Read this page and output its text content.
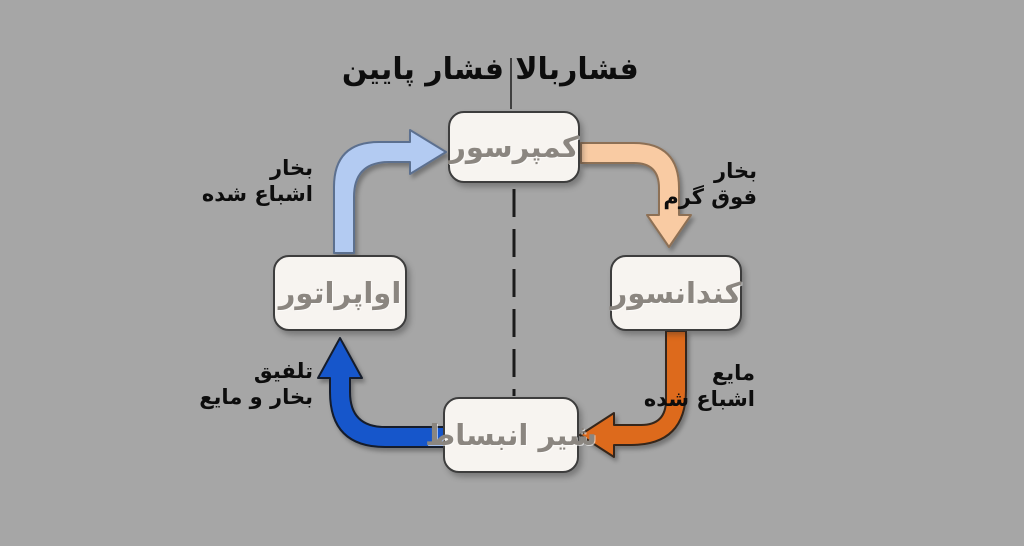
فشاربالا
فشار پایین
کمپرسور
کندانسور
اواپراتور
شیر انبساط
بخار
اشباع شده
بخار
فوق گرم
مایع
اشباع شده
تلفیق
بخار و مایع
